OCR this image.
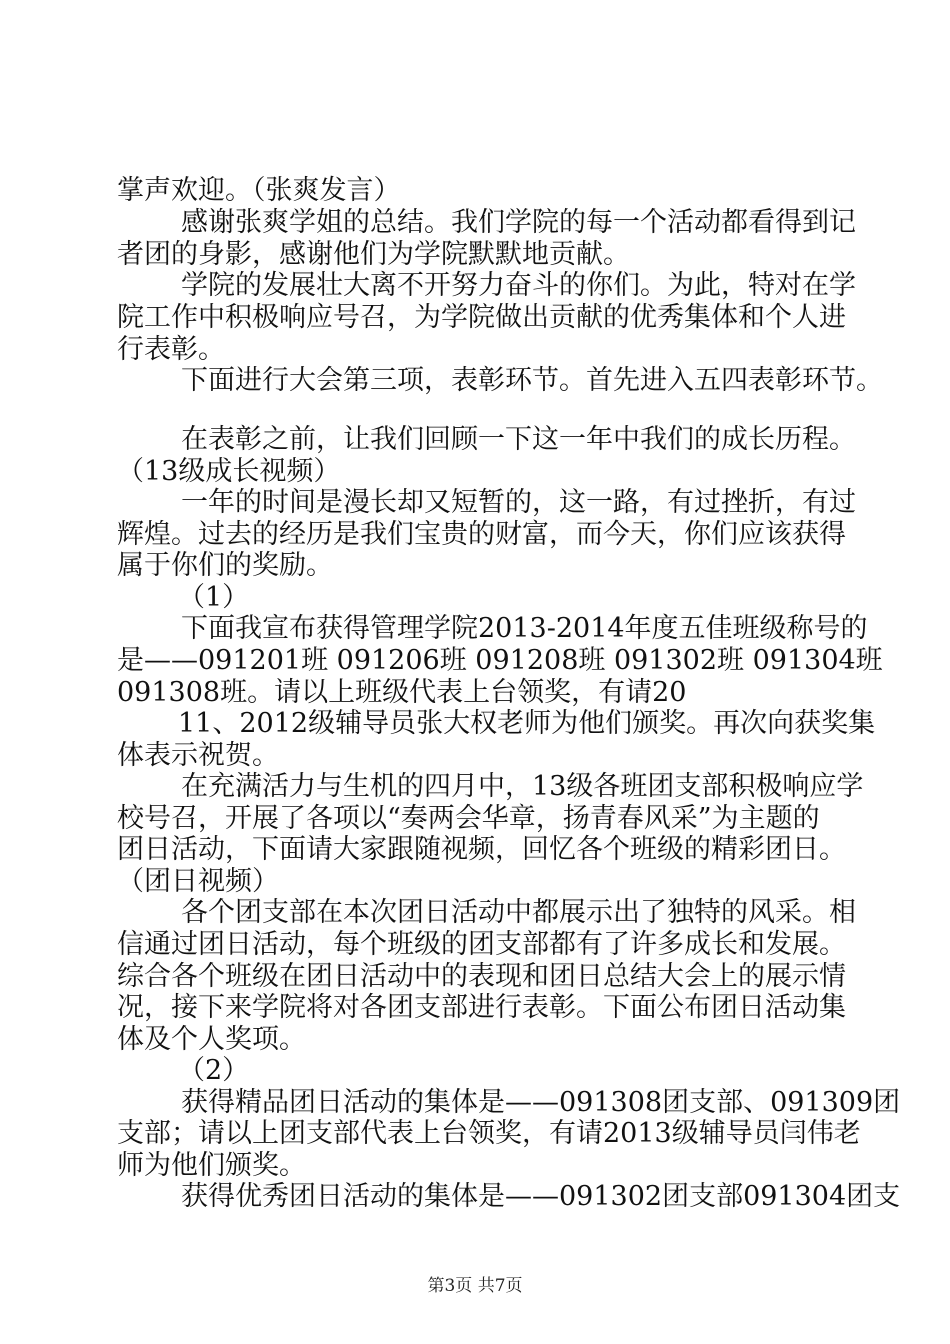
掌声欢迎。（张爽发言）
感谢张爽学姐的总结。我们学院的每一个活动都看得到记
者团的身影，感谢他们为学院默默地贡献。
学院的发展壮大离不开努力奋斗的你们。为此，特对在学
院工作中积极响应号召，为学院做出贡献的优秀集体和个人进
行表彰。
下面进行大会第三项，表彰环节。首先进入五四表彰环节。
在表彰之前，让我们回顾一下这一年中我们的成长历程。
（13级成长视频）
一年的时间是漫长却又短暂的，这一路，有过挫折，有过
辉煌。过去的经历是我们宝贵的财富，而今天，你们应该获得
属于你们的奖励。
（1）
下面我宣布获得管理学院2013-2014年度五佳班级称号的
是——091201班 091206班 091208班 091302班 091304班
091308班。请以上班级代表上台领奖，有请20
11、2012级辅导员张大权老师为他们颁奖。再次向获奖集
体表示祝贺。
在充满活力与生机的四月中，13级各班团支部积极响应学
校号召，开展了各项以“奏两会华章，扬青春风采”为主题的
团日活动，下面请大家跟随视频，回忆各个班级的精彩团日。
（团日视频）
各个团支部在本次团日活动中都展示出了独特的风采。相
信通过团日活动，每个班级的团支部都有了许多成长和发展。
综合各个班级在团日活动中的表现和团日总结大会上的展示情
况，接下来学院将对各团支部进行表彰。下面公布团日活动集
体及个人奖项。
（2）
获得精品团日活动的集体是——091308团支部、091309团
支部；请以上团支部代表上台领奖，有请2013级辅导员闫伟老
师为他们颁奖。
获得优秀团日活动的集体是——091302团支部091304团支
第3页 共7页
